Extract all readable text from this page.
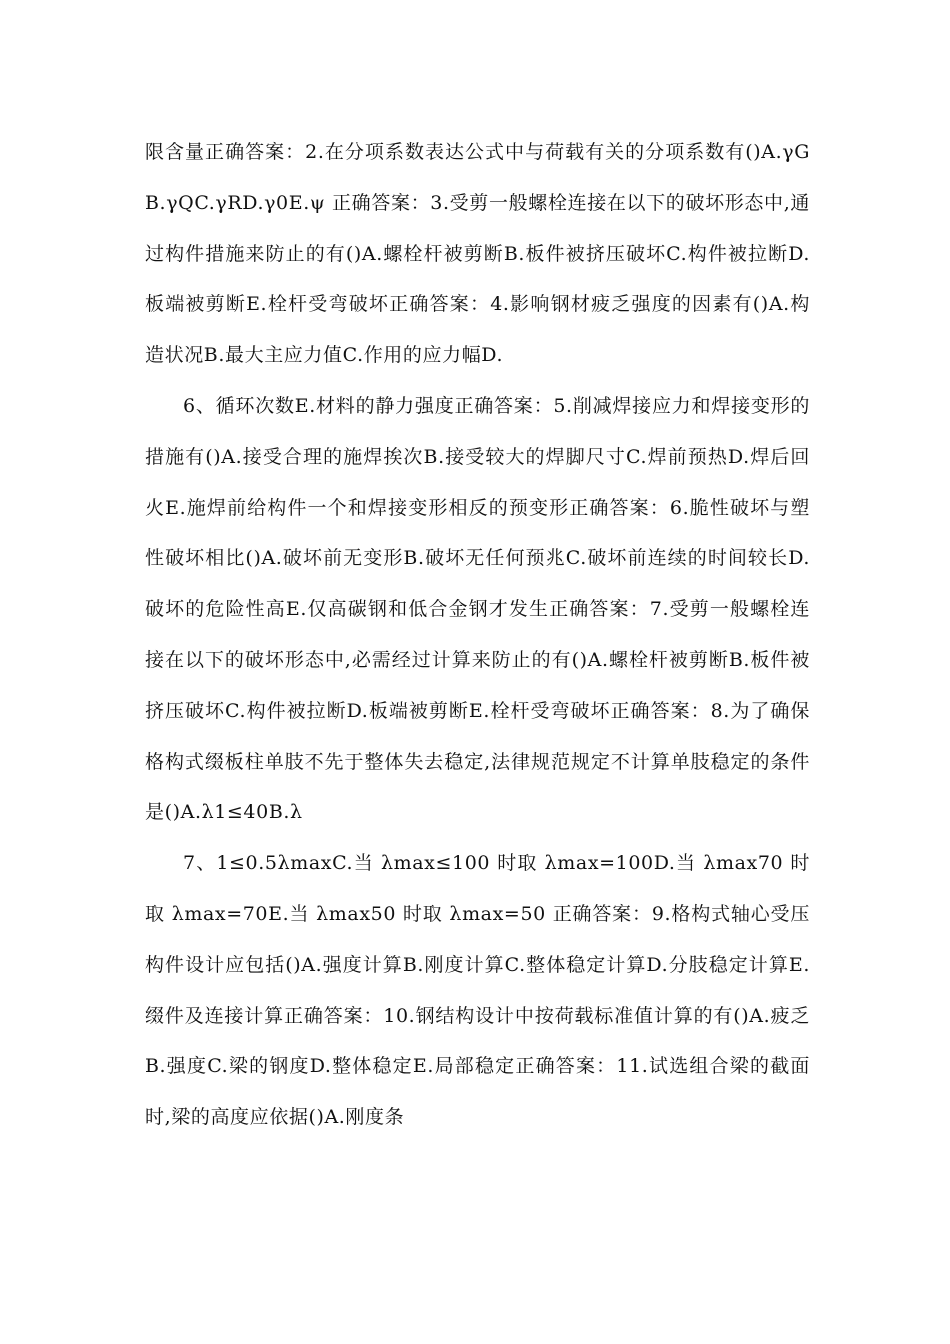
限含量正确答案：2.在分项系数表达公式中与荷载有关的分项系数有()A.γGB.γQC.γRD.γ0E.ψ 正确答案：3.受剪一般螺栓连接在以下的破坏形态中,通过构件措施来防止的有()A.螺栓杆被剪断B.板件被挤压破坏C.构件被拉断D.板端被剪断E.栓杆受弯破坏正确答案：4.影响钢材疲乏强度的因素有()A.构造状况B.最大主应力值C.作用的应力幅D.

6、循环次数E.材料的静力强度正确答案：5.削减焊接应力和焊接变形的措施有()A.接受合理的施焊挨次B.接受较大的焊脚尺寸C.焊前预热D.焊后回火E.施焊前给构件一个和焊接变形相反的预变形正确答案：6.脆性破坏与塑性破坏相比()A.破坏前无变形B.破坏无任何预兆C.破坏前连续的时间较长D.破坏的危险性高E.仅高碳钢和低合金钢才发生正确答案：7.受剪一般螺栓连接在以下的破坏形态中,必需经过计算来防止的有()A.螺栓杆被剪断B.板件被挤压破坏C.构件被拉断D.板端被剪断E.栓杆受弯破坏正确答案：8.为了确保格构式缀板柱单肢不先于整体失去稳定,法律规范规定不计算单肢稳定的条件是()A.λ1≤40B.λ

7、1≤0.5λmaxC.当 λmax≤100 时取 λmax=100D.当 λmax70 时取 λmax=70E.当 λmax50 时取 λmax=50 正确答案：9.格构式轴心受压构件设计应包括()A.强度计算B.刚度计算C.整体稳定计算D.分肢稳定计算E.缀件及连接计算正确答案：10.钢结构设计中按荷载标准值计算的有()A.疲乏B.强度C.梁的钢度D.整体稳定E.局部稳定正确答案：11.试选组合梁的截面时,梁的高度应依据()A.刚度条
